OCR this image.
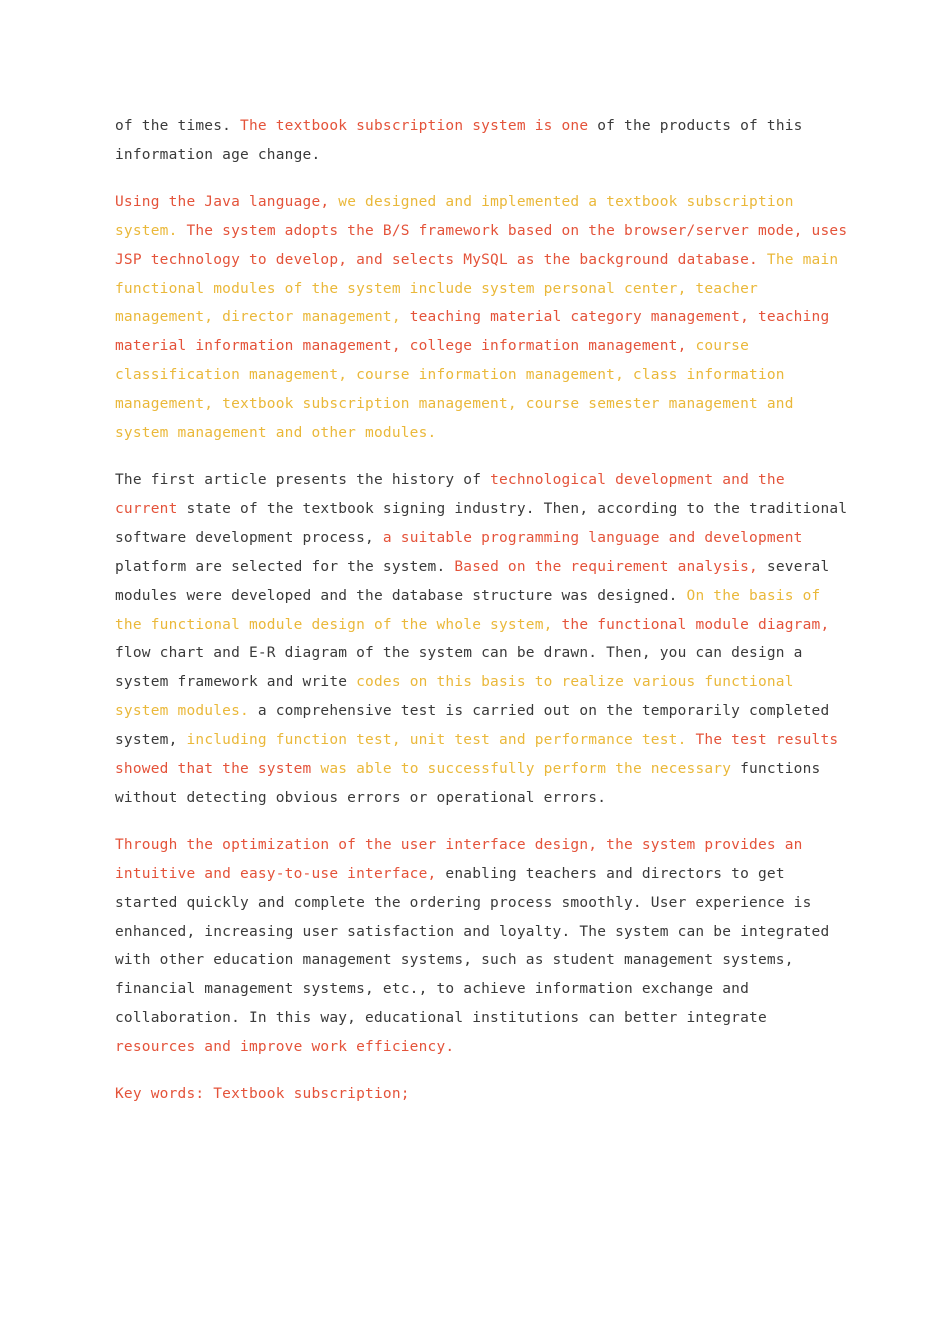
of the times. The textbook subscription system is one of the products of this information age change.

Using the Java language, we designed and implemented a textbook subscription system. The system adopts the B/S framework based on the browser/server mode, uses JSP technology to develop, and selects MySQL as the background database. The main functional modules of the system include system personal center, teacher management, director management, teaching material category management, teaching material information management, college information management, course classification management, course information management, class information management, textbook subscription management, course semester management and system management and other modules.

The first article presents the history of technological development and the current state of the textbook signing industry. Then, according to the traditional software development process, a suitable programming language and development platform are selected for the system. Based on the requirement analysis, several modules were developed and the database structure was designed. On the basis of the functional module design of the whole system, the functional module diagram, flow chart and E-R diagram of the system can be drawn. Then, you can design a system framework and write codes on this basis to realize various functional system modules. a comprehensive test is carried out on the temporarily completed system, including function test, unit test and performance test. The test results showed that the system was able to successfully perform the necessary functions without detecting obvious errors or operational errors.

Through the optimization of the user interface design, the system provides an intuitive and easy-to-use interface, enabling teachers and directors to get started quickly and complete the ordering process smoothly. User experience is enhanced, increasing user satisfaction and loyalty. The system can be integrated with other education management systems, such as student management systems, financial management systems, etc., to achieve information exchange and collaboration. In this way, educational institutions can better integrate resources and improve work efficiency.

Key words: Textbook subscription;
